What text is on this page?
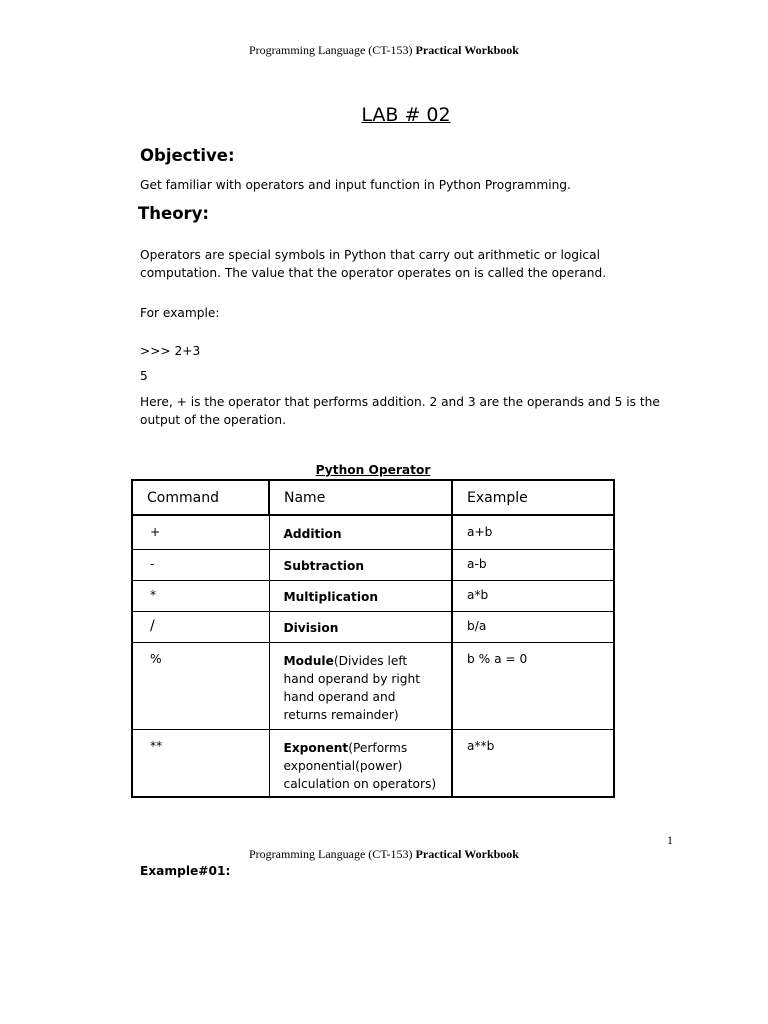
Programming Language (CT-153) Practical Workbook
LAB # 02
Objective:
Get familiar with operators and input function in Python Programming.
Theory:
Operators are special symbols in Python that carry out arithmetic or logical computation. The value that the operator operates on is called the operand.
For example:
>>> 2+3
5
Here, + is the operator that performs addition. 2 and 3 are the operands and 5 is the output of the operation.
Python Operator
Command	Name	Example
+	Addition	a+b
-	Subtraction	a-b
*	Multiplication	a*b
/	Division	b/a
%	Module(Divides left hand operand by right hand operand and returns remainder)	b % a = 0
**	Exponent(Performs exponential(power) calculation on operators)	a**b
1
Programming Language (CT-153) Practical Workbook
Example#01:
